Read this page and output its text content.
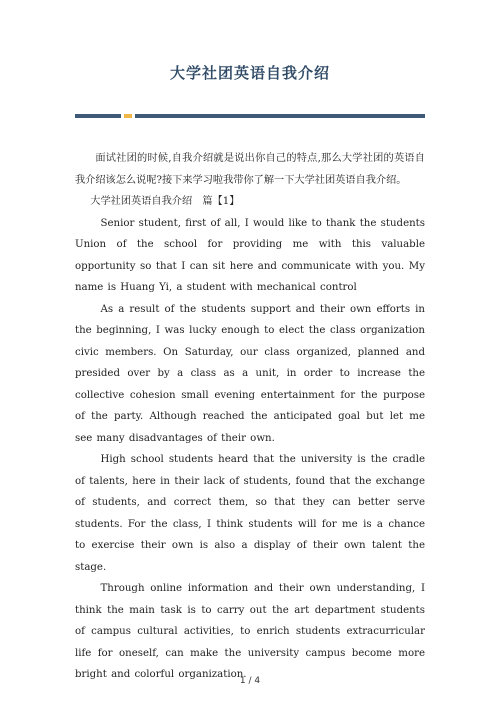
大学社团英语自我介绍

面试社团的时候,自我介绍就是说出你自己的特点,那么大学社团的英语自我介绍该怎么说呢?接下来学习啦我带你了解一下大学社团英语自我介绍。

大学社团英语自我介绍　篇【1】

Senior student, first of all, I would like to thank the students Union of the school for providing me with this valuable opportunity so that I can sit here and communicate with you. My name is Huang Yi, a student with mechanical control

As a result of the students support and their own efforts in the beginning, I was lucky enough to elect the class organization civic members. On Saturday, our class organized, planned and presided over by a class as a unit, in order to increase the collective cohesion small evening entertainment for the purpose of the party. Although reached the anticipated goal but let me see many disadvantages of their own.

High school students heard that the university is the cradle of talents, here in their lack of students, found that the exchange of students, and correct them, so that they can better serve students. For the class, I think students will for me is a chance to exercise their own is also a display of their own talent the stage.

Through online information and their own understanding, I think the main task is to carry out the art department students of campus cultural activities, to enrich students extracurricular life for oneself, can make the university campus become more bright and colorful organization.

1 / 4
